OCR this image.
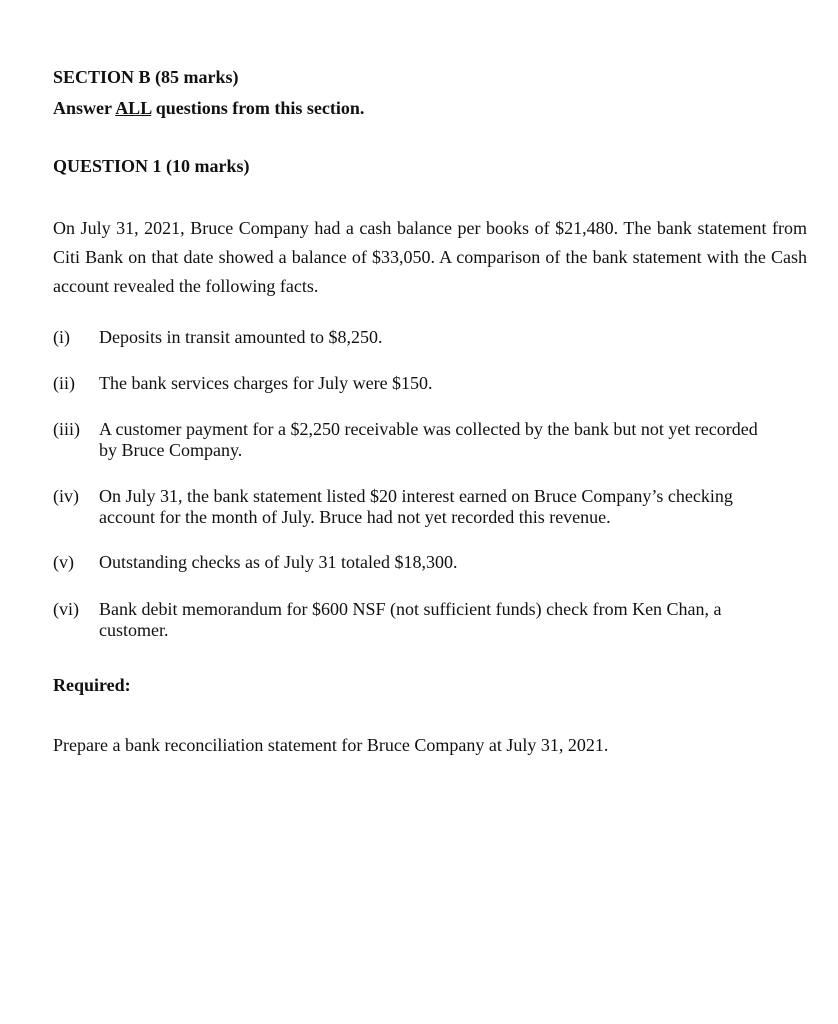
SECTION B (85 marks)

Answer ALL questions from this section.

QUESTION 1 (10 marks)

On July 31, 2021, Bruce Company had a cash balance per books of $21,480. The bank statement from Citi Bank on that date showed a balance of $33,050. A comparison of the bank statement with the Cash account revealed the following facts.

(i) Deposits in transit amounted to $8,250.
(ii) The bank services charges for July were $150.
(iii) A customer payment for a $2,250 receivable was collected by the bank but not yet recorded by Bruce Company.
(iv) On July 31, the bank statement listed $20 interest earned on Bruce Company’s checking account for the month of July. Bruce had not yet recorded this revenue.
(v) Outstanding checks as of July 31 totaled $18,300.
(vi) Bank debit memorandum for $600 NSF (not sufficient funds) check from Ken Chan, a customer.

Required:

Prepare a bank reconciliation statement for Bruce Company at July 31, 2021.
